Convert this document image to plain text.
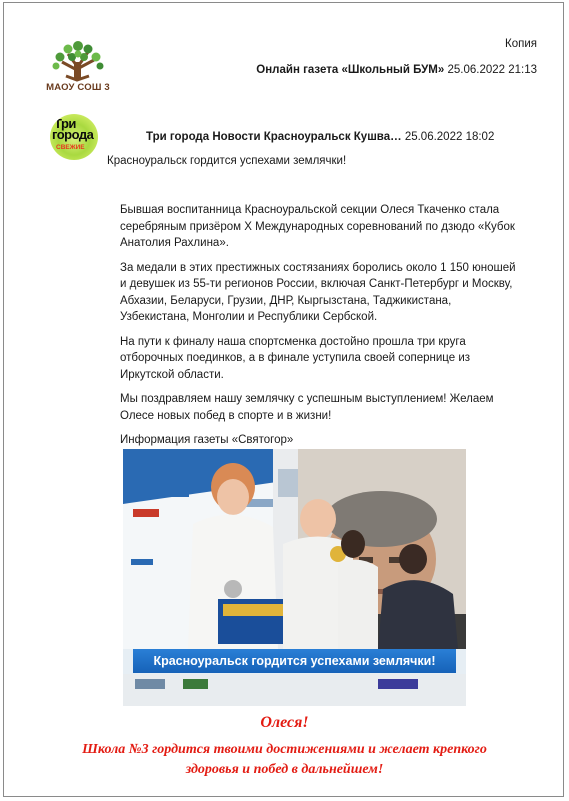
МАОУ СОШ 3
Копия
Онлайн газета «Школьный БУМ» 25.06.2022 21:13
Три
города
СВЕЖИЕ
Три города Новости Красноуральск Кушва… 25.06.2022 18:02
Красноуральск гордится успехами землячки!

Бывшая воспитанница Красноуральской секции Олеся Ткаченко стала серебряным призёром X Международных соревнований по дзюдо «Кубок Анатолия Рахлина».

За медали в этих престижных состязаниях боролись около 1 150 юношей и девушек из 55-ти регионов России, включая Санкт-Петербург и Москву, Абхазии, Беларуси, Грузии, ДНР, Кыргызстана, Таджикистана, Узбекистана, Монголии и Республики Сербской.

На пути к финалу наша спортсменка достойно прошла три круга отборочных поединков, а в финале уступила своей сопернице из Иркутской области.

Мы поздравляем нашу землячку с успешным выступлением! Желаем Олесе новых побед в спорте и в жизни!

Информация газеты «Святогор»

Красноуральск гордится успехами землячки!
Олеся!
Школа №3 гордится твоими достижениями и желает крепкого здоровья и побед в дальнейшем!
